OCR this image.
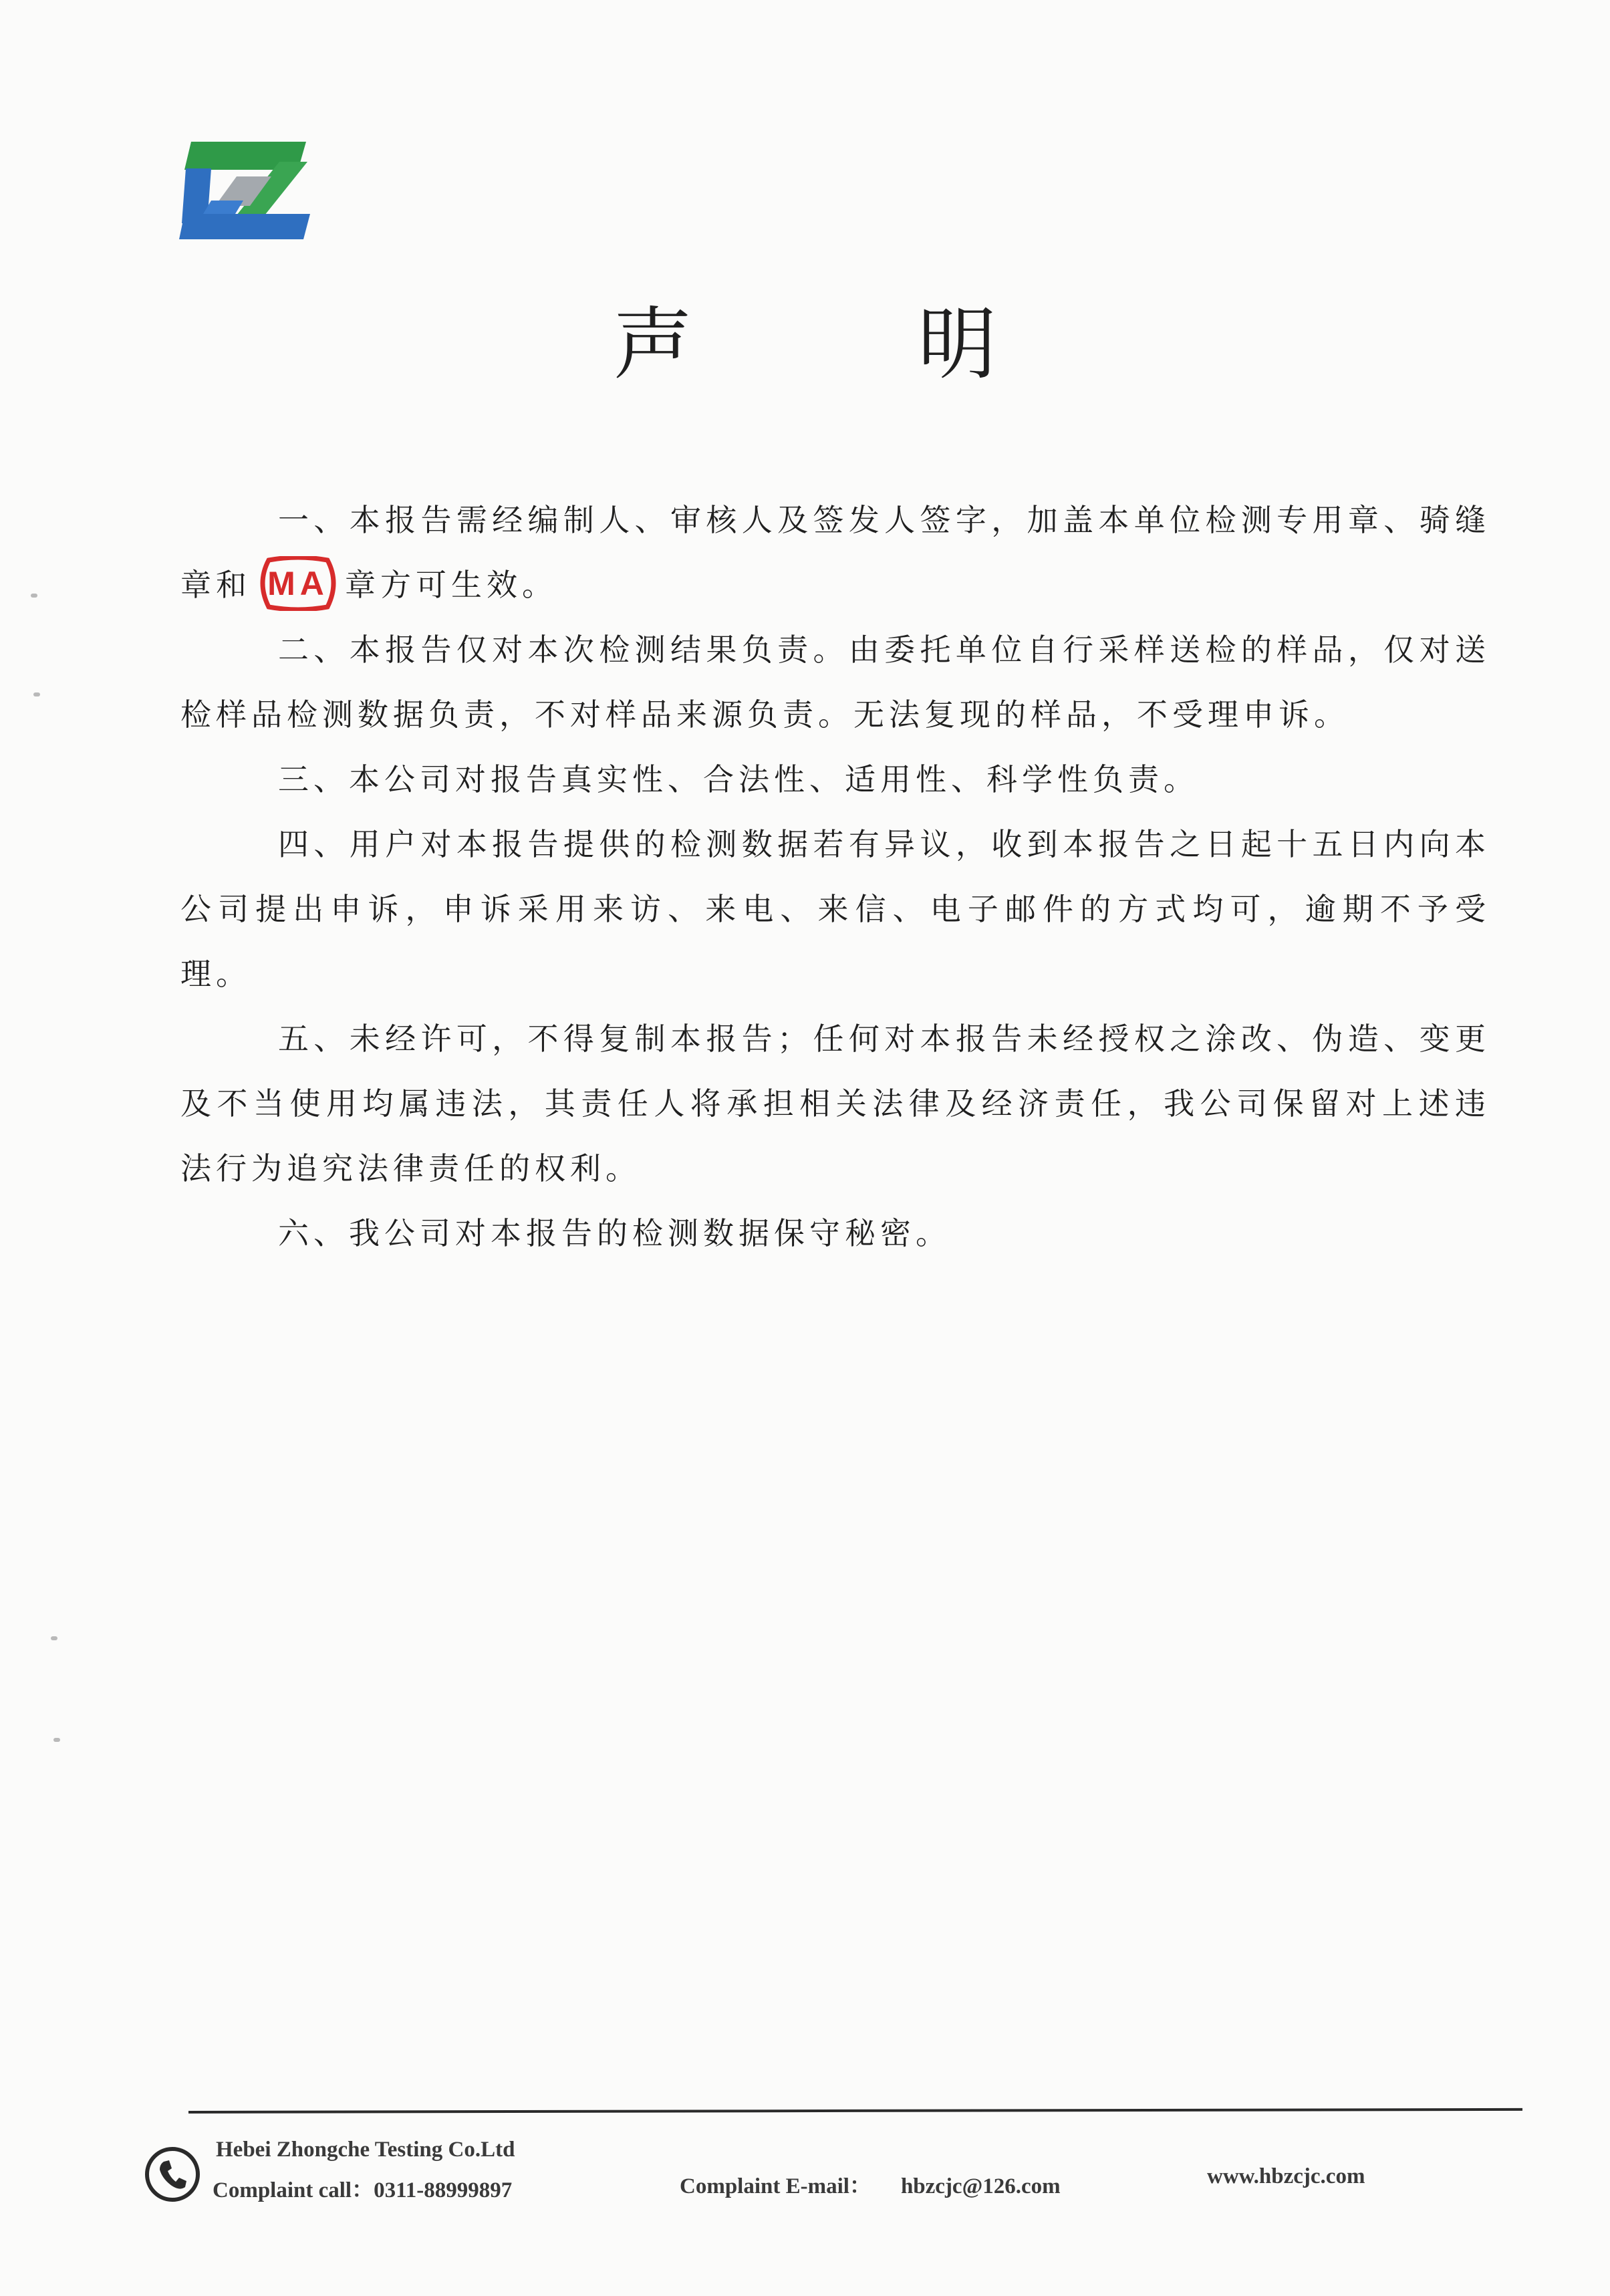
声 明

一、本报告需经编制人、审核人及签发人签字，加盖本单位检测专用章、骑缝章和 MA 章方可生效。

二、本报告仅对本次检测结果负责。由委托单位自行采样送检的样品，仅对送检样品检测数据负责，不对样品来源负责。无法复现的样品，不受理申诉。

三、本公司对报告真实性、合法性、适用性、科学性负责。

四、用户对本报告提供的检测数据若有异议，收到本报告之日起十五日内向本公司提出申诉，申诉采用来访、来电、来信、电子邮件的方式均可，逾期不予受理。

五、未经许可，不得复制本报告；任何对本报告未经授权之涂改、伪造、变更及不当使用均属违法，其责任人将承担相关法律及经济责任，我公司保留对上述违法行为追究法律责任的权利。

六、我公司对本报告的检测数据保守秘密。

Hebei Zhongche Testing Co.Ltd
Complaint call：0311-88999897	Complaint E-mail： hbzcjc@126.com	www.hbzcjc.com
